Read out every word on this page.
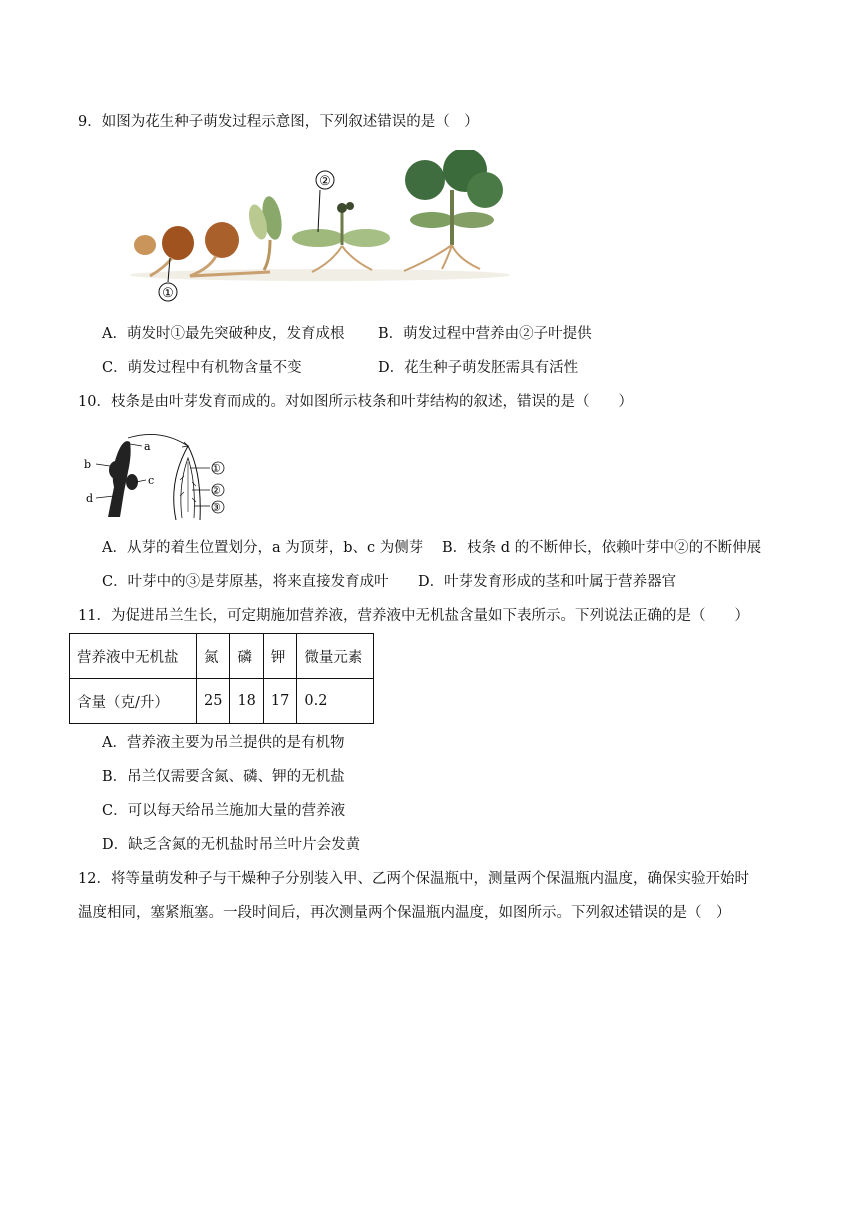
9．如图为花生种子萌发过程示意图，下列叙述错误的是（　）
②
①
A．萌发时①最先突破种皮，发育成根 B．萌发过程中营养由②子叶提供
C．萌发过程中有机物含量不变	D．花生种子萌发胚需具有活性
10．枝条是由叶芽发育而成的。对如图所示枝条和叶芽结构的叙述，错误的是（　　）
a
b
c
d
①
②
③
A．从芽的着生位置划分，a 为顶芽，b、c 为侧芽 B．枝条 d 的不断伸长，依赖叶芽中②的不断伸展
C．叶芽中的③是芽原基，将来直接发育成叶 D．叶芽发育形成的茎和叶属于营养器官
11．为促进吊兰生长，可定期施加营养液，营养液中无机盐含量如下表所示。下列说法正确的是（　　）
营养液中无机盐	氮	磷	钾	微量元素
含量（克/升）	25	18	17	0.2
A．营养液主要为吊兰提供的是有机物
B．吊兰仅需要含氮、磷、钾的无机盐
C．可以每天给吊兰施加大量的营养液
D．缺乏含氮的无机盐时吊兰叶片会发黄
12．将等量萌发种子与干燥种子分别装入甲、乙两个保温瓶中，测量两个保温瓶内温度，确保实验开始时
温度相同，塞紧瓶塞。一段时间后，再次测量两个保温瓶内温度，如图所示。下列叙述错误的是（　）
